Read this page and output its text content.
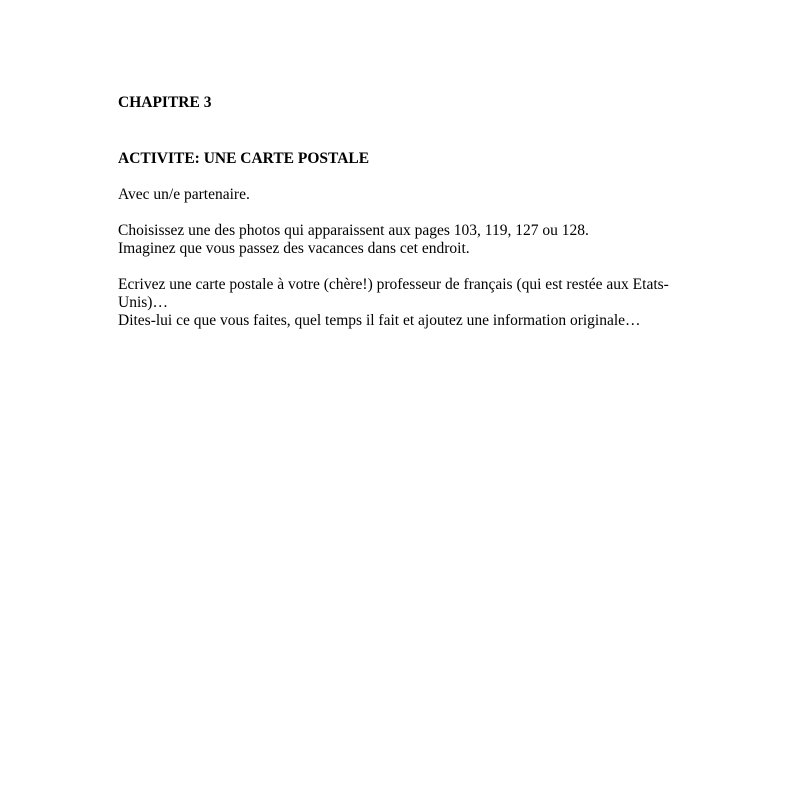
CHAPITRE 3
ACTIVITE: UNE CARTE POSTALE

Avec un/e partenaire.

Choisissez une des photos qui apparaissent aux pages 103, 119, 127 ou 128.
Imaginez que vous passez des vacances dans cet endroit.

Ecrivez une carte postale à votre (chère!) professeur de français (qui est restée aux Etats-
Unis)…
Dites-lui ce que vous faites, quel temps il fait et ajoutez une information originale…
